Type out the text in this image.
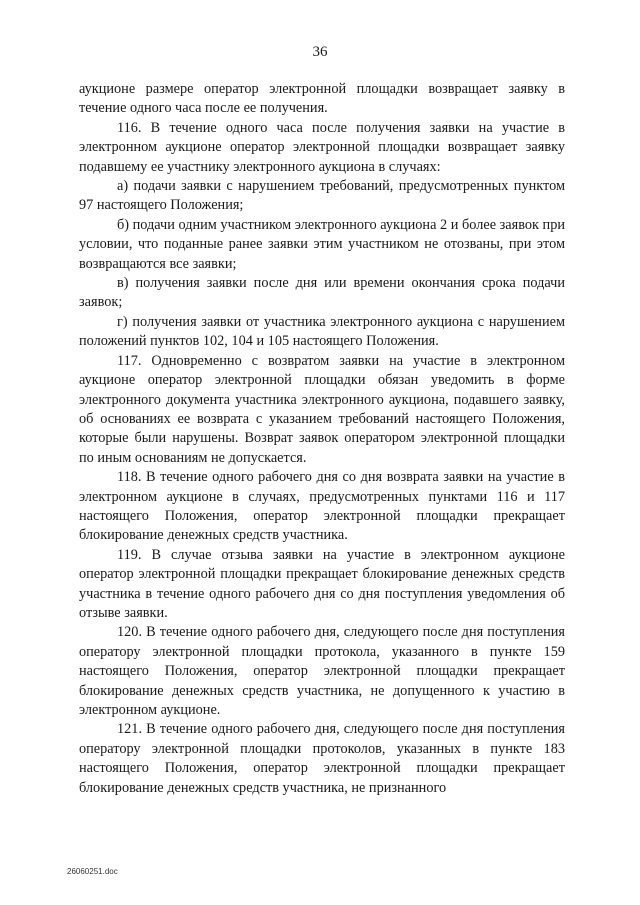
36

аукционе размере оператор электронной площадки возвращает заявку в течение одного часа после ее получения.

116. В течение одного часа после получения заявки на участие в электронном аукционе оператор электронной площадки возвращает заявку подавшему ее участнику электронного аукциона в случаях:

а) подачи заявки с нарушением требований, предусмотренных пунктом 97 настоящего Положения;

б) подачи одним участником электронного аукциона 2 и более заявок при условии, что поданные ранее заявки этим участником не отозваны, при этом возвращаются все заявки;

в) получения заявки после дня или времени окончания срока подачи заявок;

г) получения заявки от участника электронного аукциона с нарушением положений пунктов 102, 104 и 105 настоящего Положения.

117. Одновременно с возвратом заявки на участие в электронном аукционе оператор электронной площадки обязан уведомить в форме электронного документа участника электронного аукциона, подавшего заявку, об основаниях ее возврата с указанием требований настоящего Положения, которые были нарушены. Возврат заявок оператором электронной площадки по иным основаниям не допускается.

118. В течение одного рабочего дня со дня возврата заявки на участие в электронном аукционе в случаях, предусмотренных пунктами 116 и 117 настоящего Положения, оператор электронной площадки прекращает блокирование денежных средств участника.

119. В случае отзыва заявки на участие в электронном аукционе оператор электронной площадки прекращает блокирование денежных средств участника в течение одного рабочего дня со дня поступления уведомления об отзыве заявки.

120. В течение одного рабочего дня, следующего после дня поступления оператору электронной площадки протокола, указанного в пункте 159 настоящего Положения, оператор электронной площадки прекращает блокирование денежных средств участника, не допущенного к участию в электронном аукционе.

121. В течение одного рабочего дня, следующего после дня поступления оператору электронной площадки протоколов, указанных в пункте 183 настоящего Положения, оператор электронной площадки прекращает блокирование денежных средств участника, не признанного

26060251.doc
